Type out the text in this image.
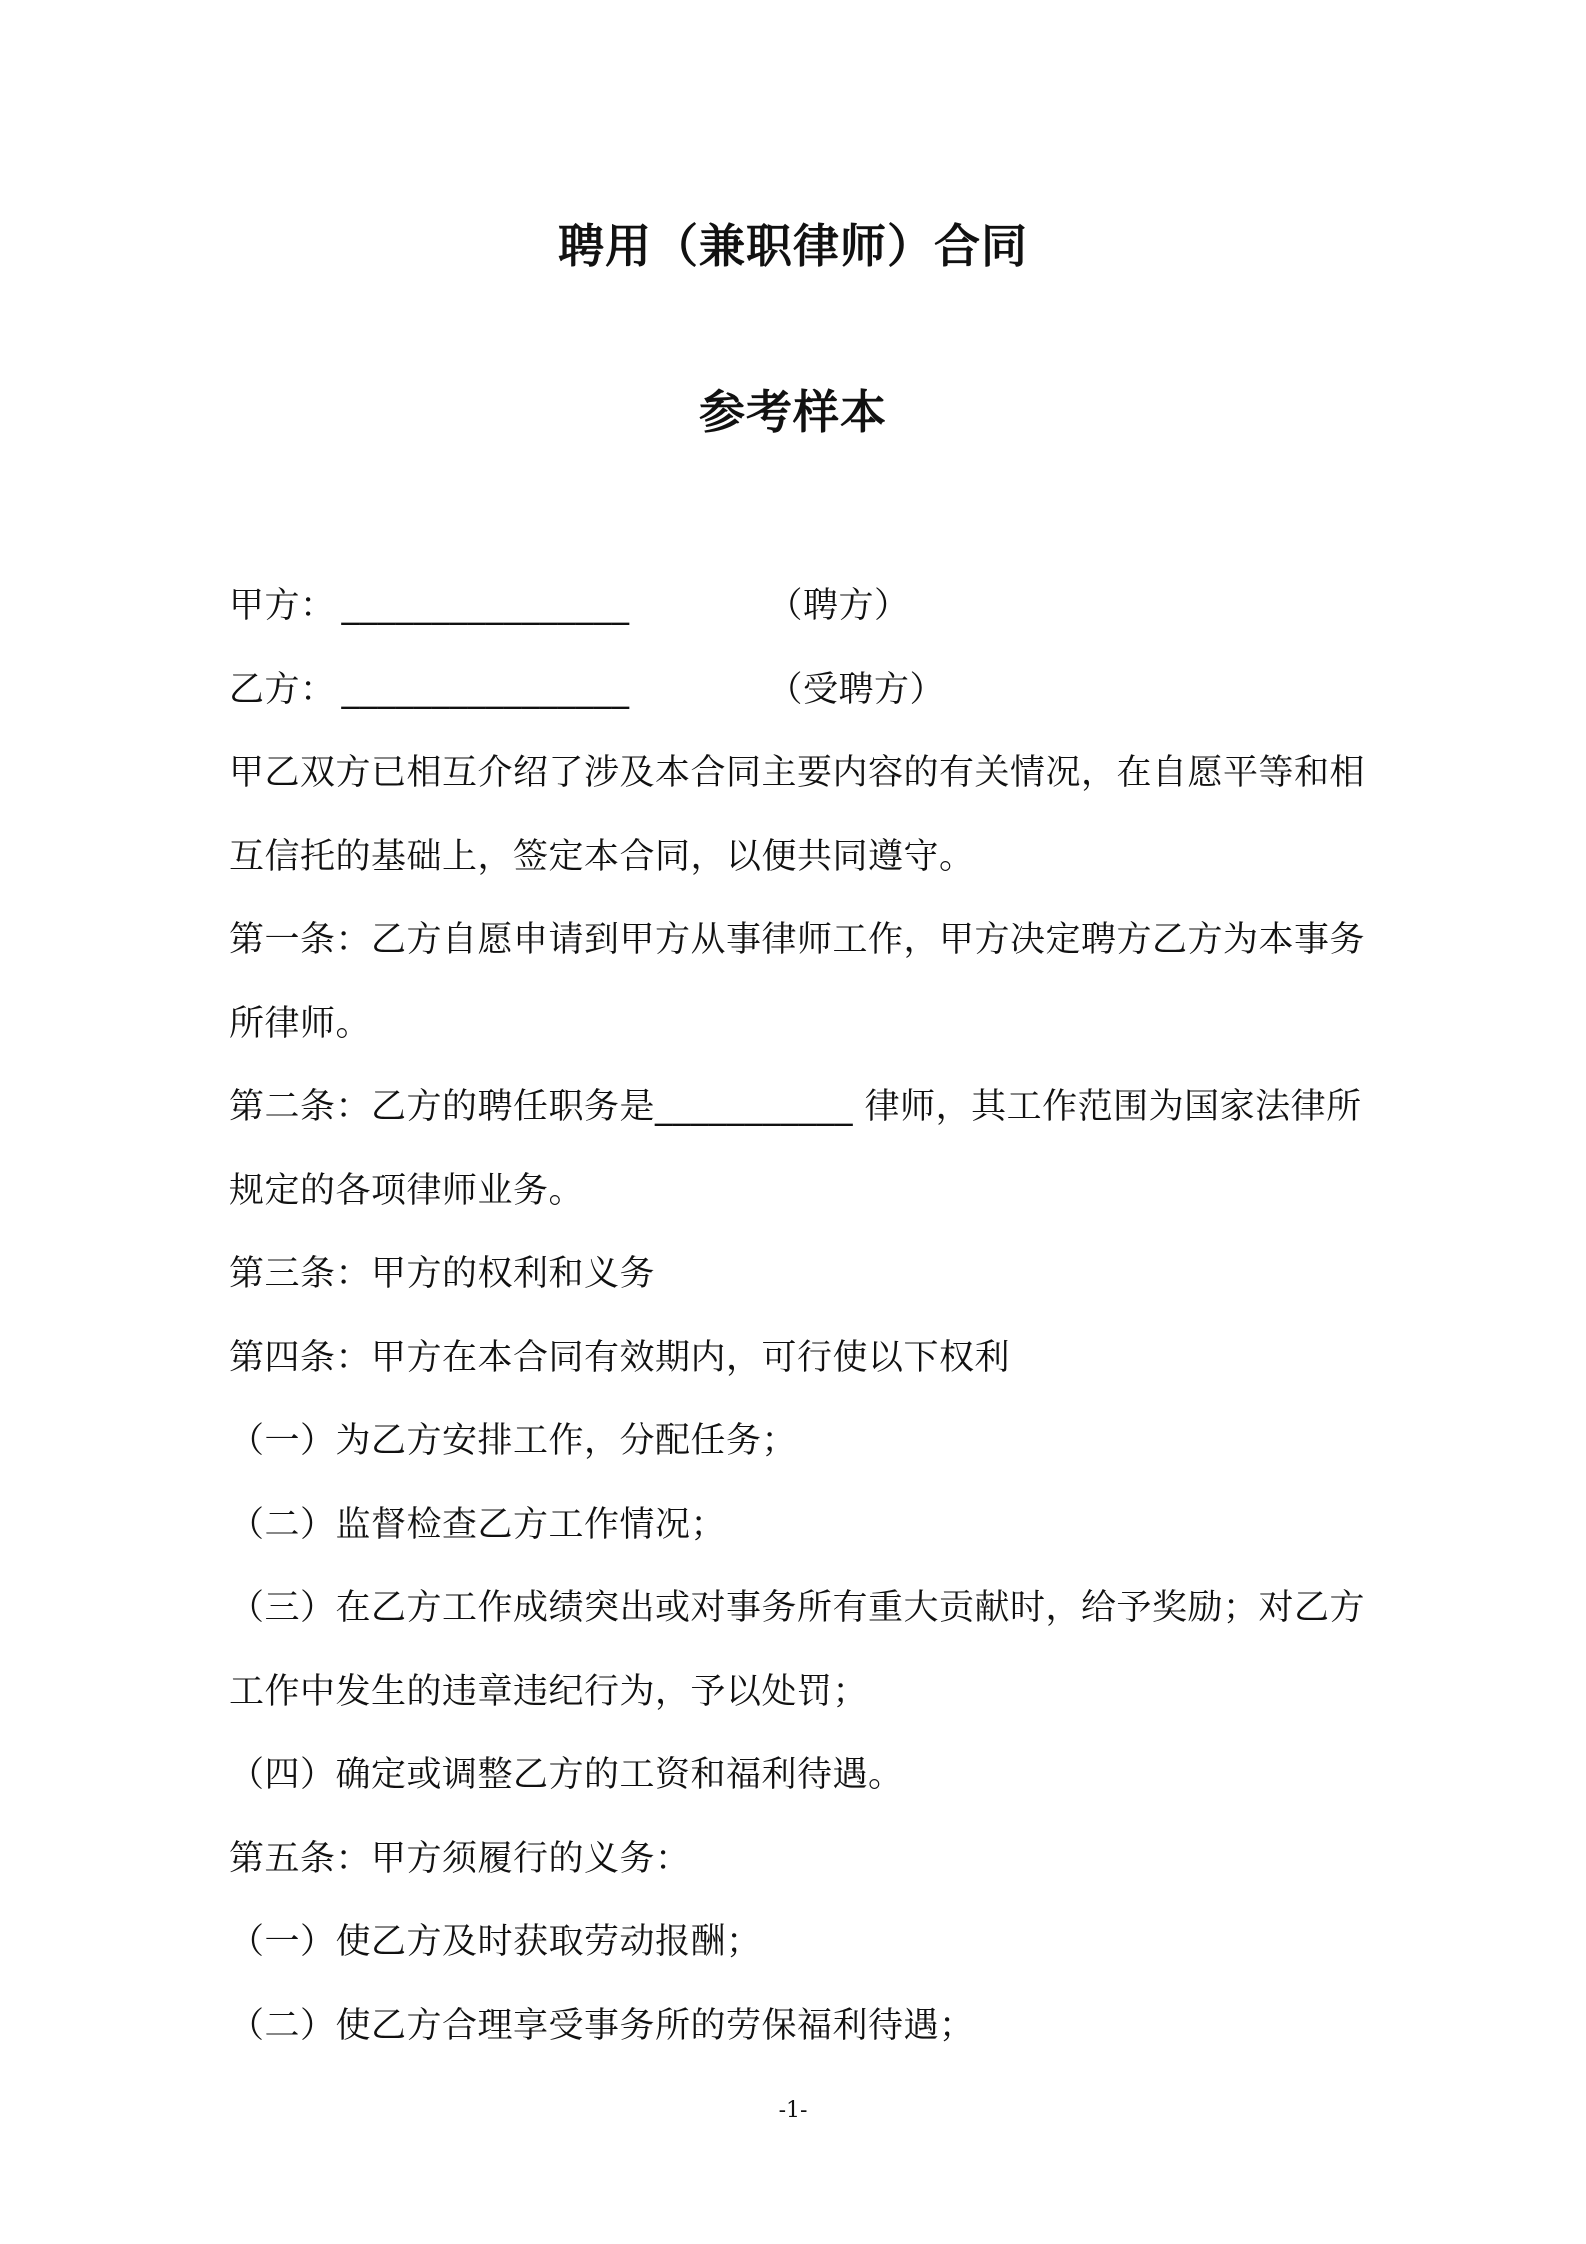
聘用（兼职律师）合同
参考样本
甲方： ________________	（聘方）
乙方： ________________	（受聘方）
甲乙双方已相互介绍了涉及本合同主要内容的有关情况，在自愿平等和相
互信托的基础上，签定本合同，以便共同遵守。
第一条：乙方自愿申请到甲方从事律师工作，甲方决定聘方乙方为本事务
所律师。
第二条：乙方的聘任职务是___________ 律师，其工作范围为国家法律所
规定的各项律师业务。
第三条：甲方的权利和义务
第四条：甲方在本合同有效期内，可行使以下权利
（一）为乙方安排工作，分配任务；
（二）监督检查乙方工作情况；
（三）在乙方工作成绩突出或对事务所有重大贡献时，给予奖励；对乙方
工作中发生的违章违纪行为，予以处罚；
（四）确定或调整乙方的工资和福利待遇。
第五条：甲方须履行的义务：
（一）使乙方及时获取劳动报酬；
（二）使乙方合理享受事务所的劳保福利待遇；
-1-
